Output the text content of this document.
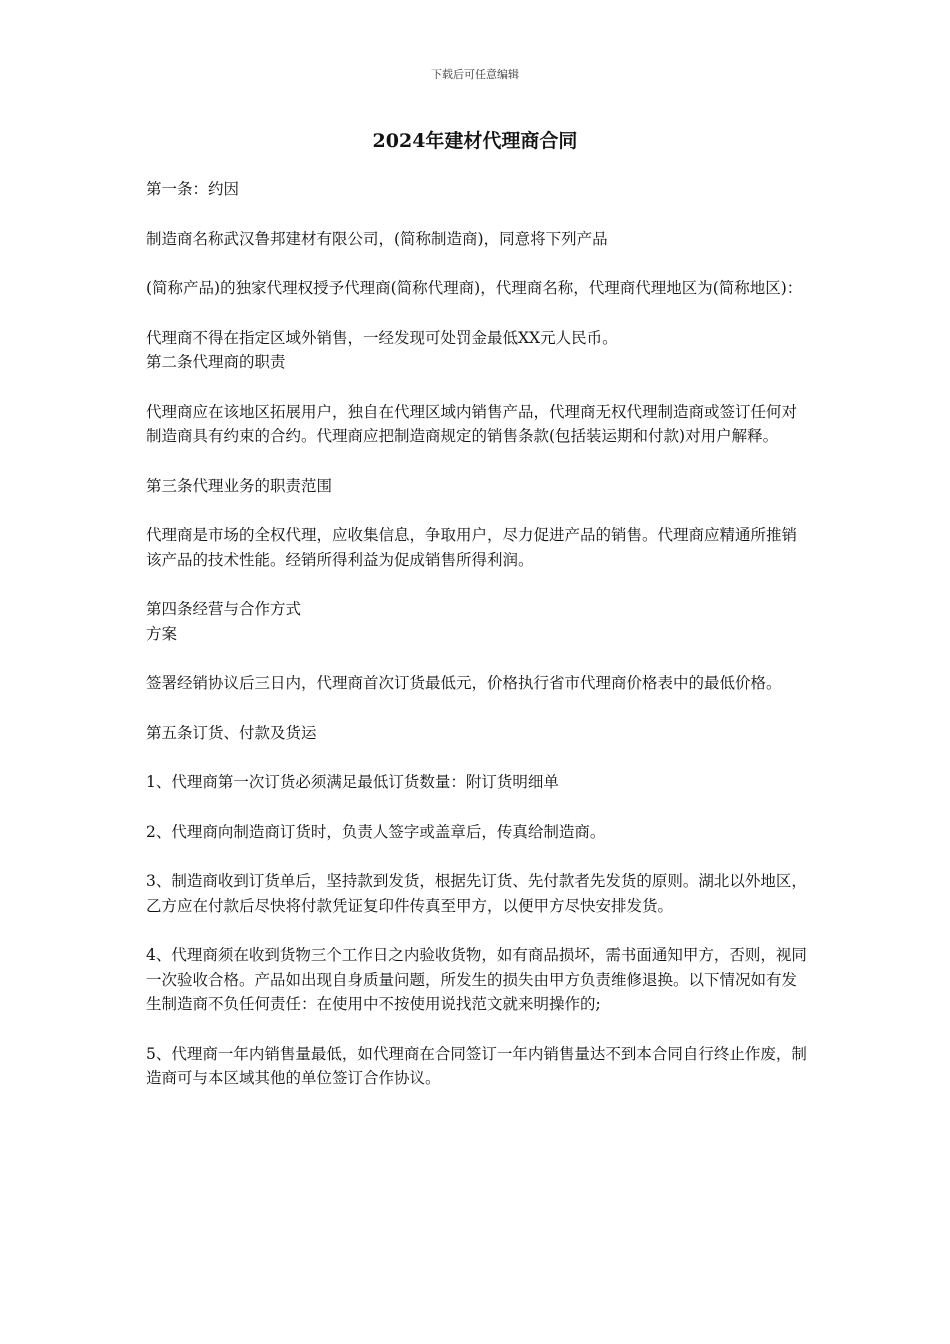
下载后可任意编辑
2024年建材代理商合同

第一条：约因

制造商名称武汉鲁邦建材有限公司，(简称制造商)，同意将下列产品

(简称产品)的独家代理权授予代理商(简称代理商)，代理商名称，代理商代理地区为(简称地区)：

代理商不得在指定区域外销售，一经发现可处罚金最低XX元人民币。

第二条代理商的职责

代理商应在该地区拓展用户，独自在代理区域内销售产品，代理商无权代理制造商或签订任何对制造商具有约束的合约。代理商应把制造商规定的销售条款(包括装运期和付款)对用户解释。

第三条代理业务的职责范围

代理商是市场的全权代理，应收集信息，争取用户，尽力促进产品的销售。代理商应精通所推销该产品的技术性能。经销所得利益为促成销售所得利润。

第四条经营与合作方式

方案

签署经销协议后三日内，代理商首次订货最低元，价格执行省市代理商价格表中的最低价格。

第五条订货、付款及货运

1、代理商第一次订货必须满足最低订货数量：附订货明细单

2、代理商向制造商订货时，负责人签字或盖章后，传真给制造商。

3、制造商收到订货单后，坚持款到发货，根据先订货、先付款者先发货的原则。湖北以外地区，乙方应在付款后尽快将付款凭证复印件传真至甲方，以便甲方尽快安排发货。

4、代理商须在收到货物三个工作日之内验收货物，如有商品损坏，需书面通知甲方，否则，视同一次验收合格。产品如出现自身质量问题，所发生的损失由甲方负责维修退换。以下情况如有发生制造商不负任何责任：在使用中不按使用说找范文就来明操作的;

5、代理商一年内销售量最低，如代理商在合同签订一年内销售量达不到本合同自行终止作废，制造商可与本区域其他的单位签订合作协议。
